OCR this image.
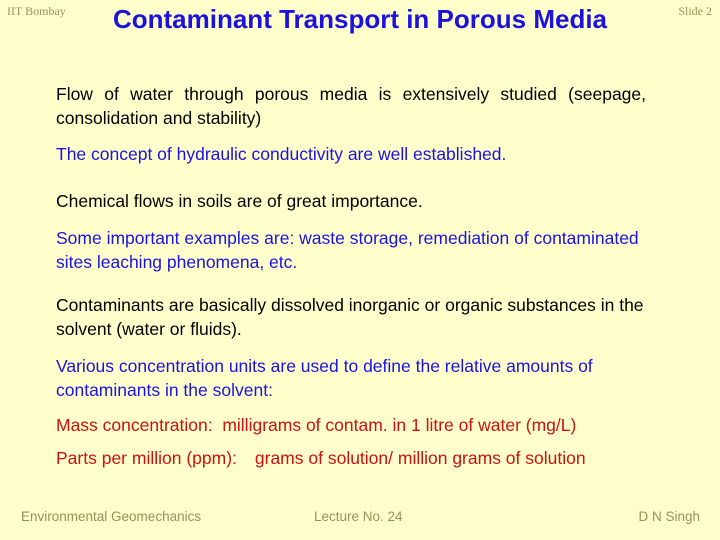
IIT Bombay	Contaminant Transport in Porous Media	Slide 2

Flow of water through porous media is extensively studied (seepage, consolidation and stability)

The concept of hydraulic conductivity are well established.

Chemical flows in soils are of great importance.

Some important examples are: waste storage, remediation of contaminated sites leaching phenomena, etc.

Contaminants are basically dissolved inorganic or organic substances in the solvent (water or fluids).

Various concentration units are used to define the relative amounts of contaminants in the solvent:

Mass concentration:  milligrams of contam. in 1 litre of water (mg/L)

Parts per million (ppm): grams of solution/ million grams of solution

Environmental Geomechanics	Lecture No. 24	D N Singh
